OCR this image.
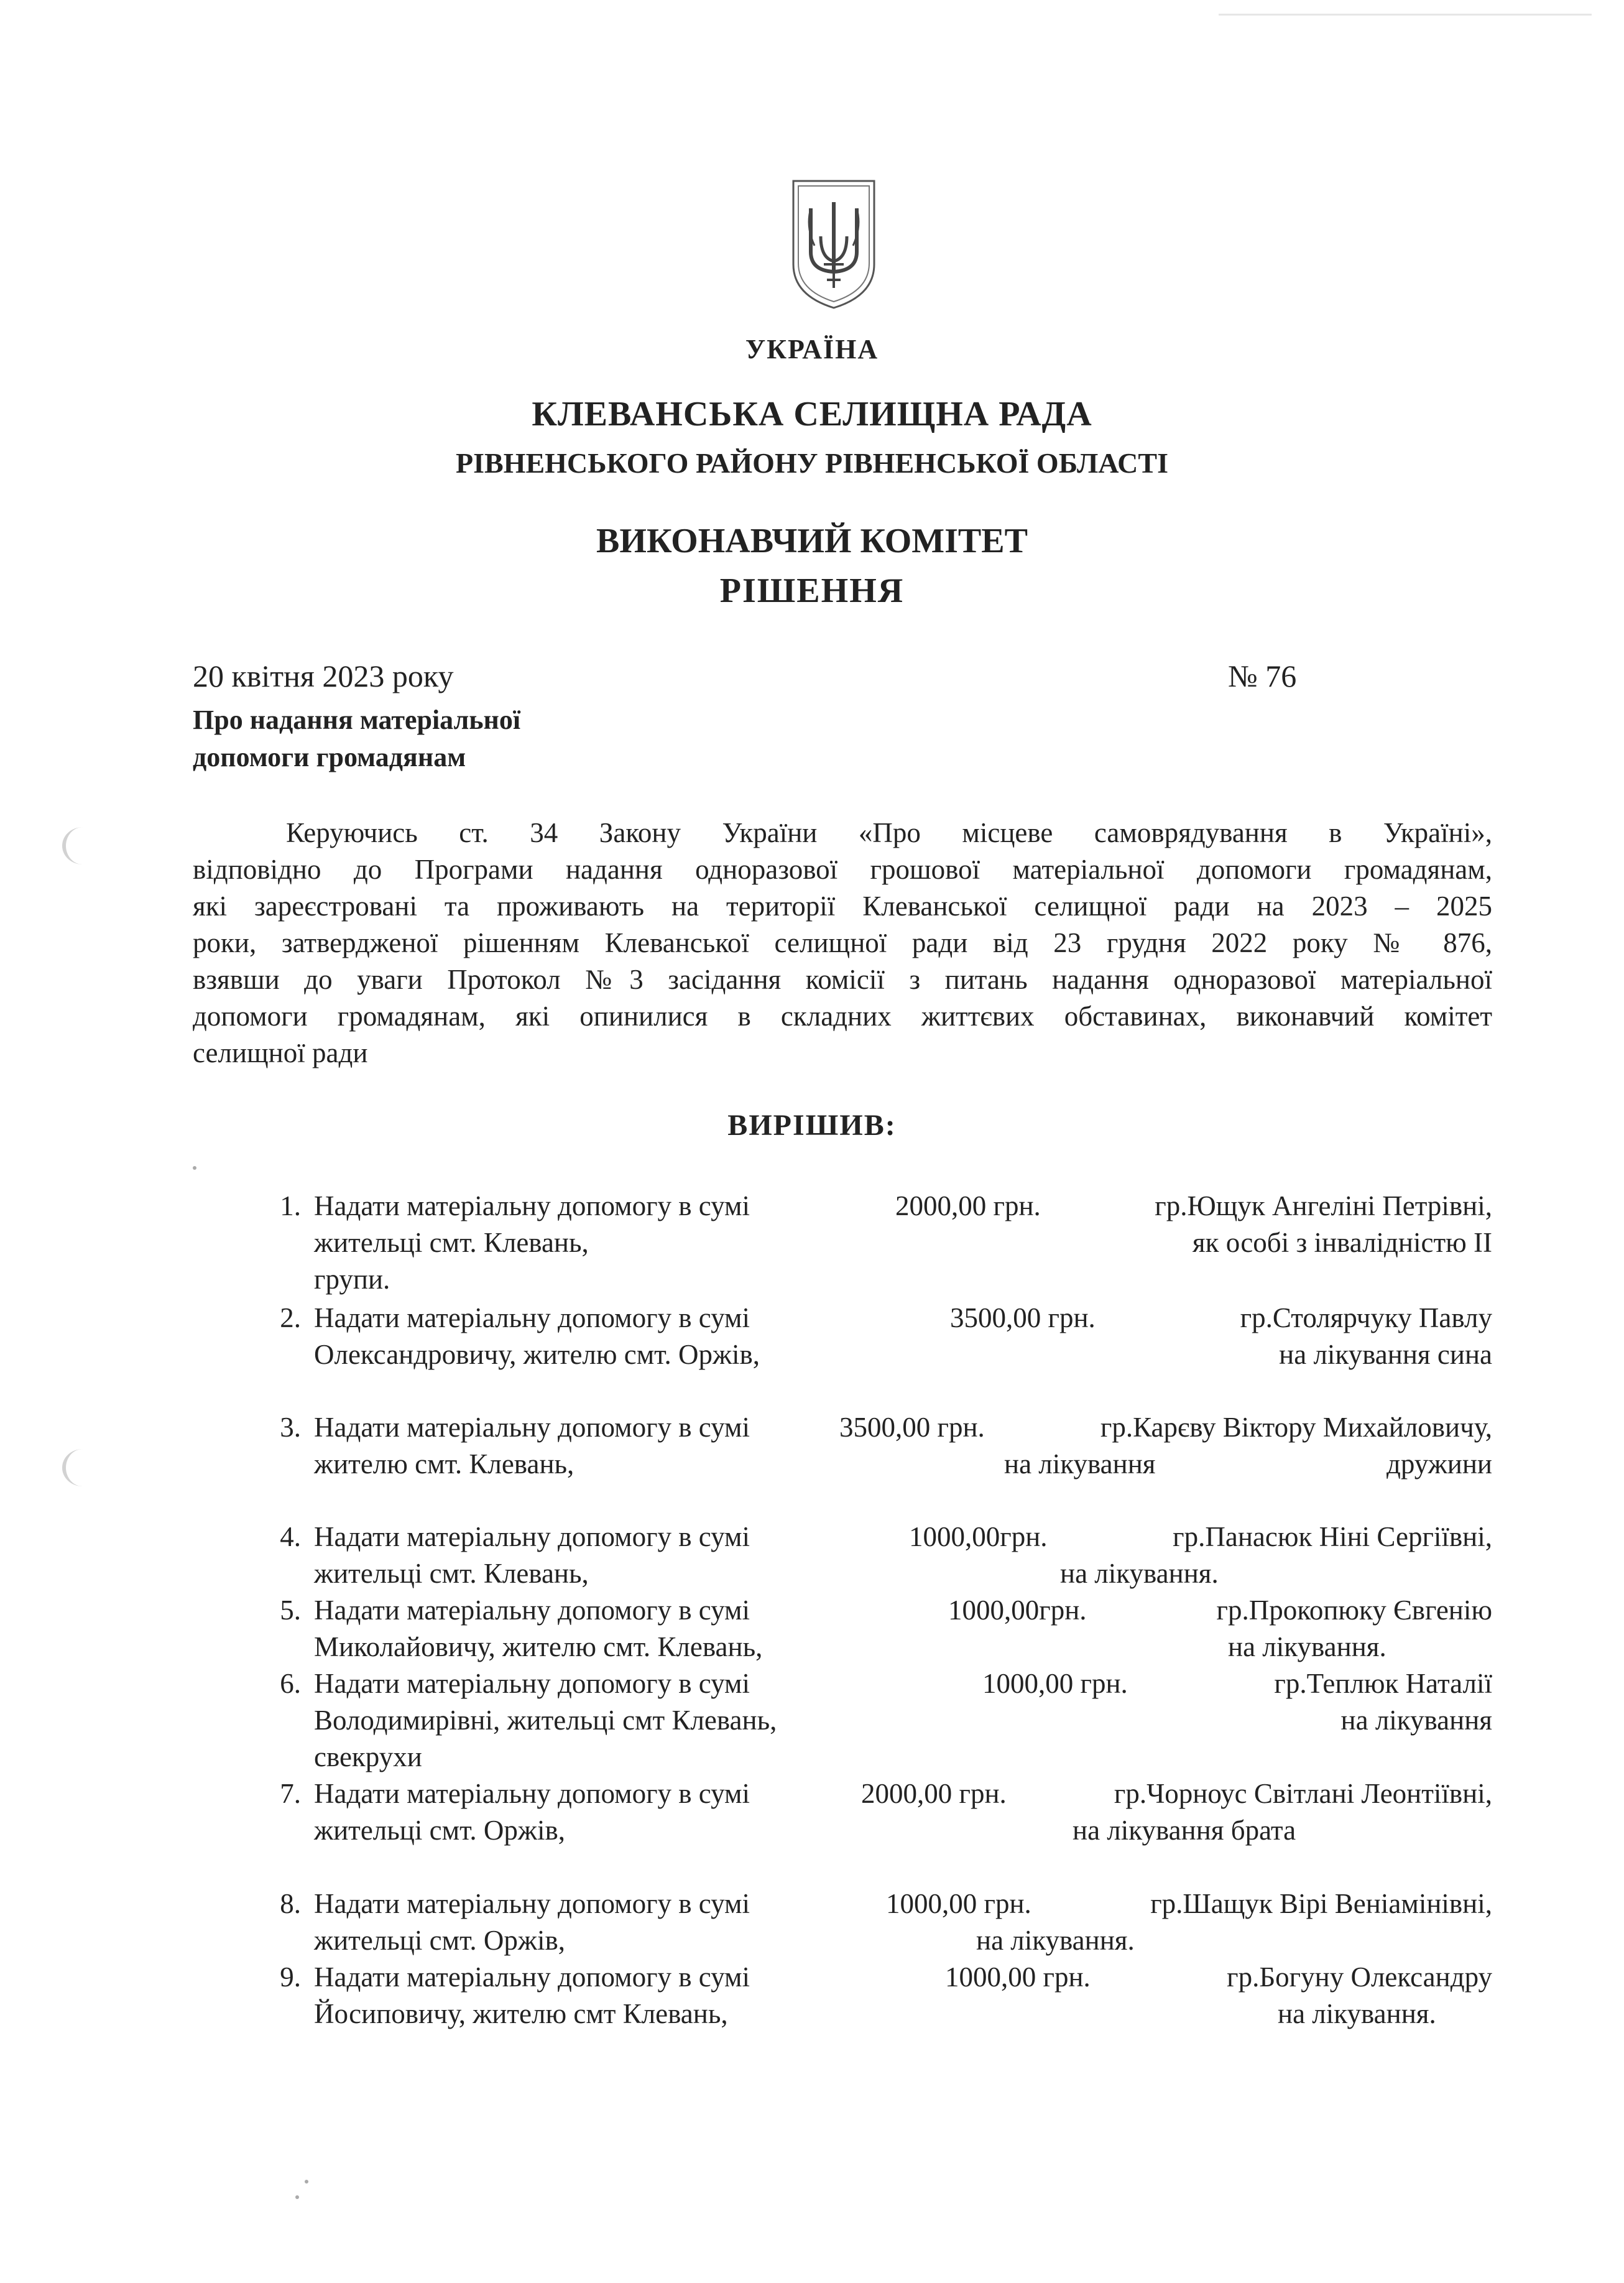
УКРАЇНА
КЛЕВАНСЬКА СЕЛИЩНА РАДА
РІВНЕНСЬКОГО РАЙОНУ РІВНЕНСЬКОЇ ОБЛАСТІ
ВИКОНАВЧИЙ КОМІТЕТ
РІШЕННЯ
20 квітня 2023 року	№ 76
Про надання матеріальної
допомоги громадянам
Керуючись ст. 34 Закону України «Про місцеве самоврядування в Україні»,
відповідно до Програми надання одноразової грошової матеріальної допомоги громадянам,
які зареєстровані та проживають на території Клеванської селищної ради на 2023 – 2025
роки, затвердженої рішенням Клеванської селищної ради від 23 грудня 2022 року № 876,
взявши до уваги Протокол №3 засідання комісії з питань надання одноразової матеріальної
допомоги громадянам, які опинилися в складних життєвих обставинах, виконавчий комітет
селищної ради
ВИРІШИВ:
1. Надати матеріальну допомогу в сумі	2000,00 грн.	гр.Ющук Ангеліні Петрівні,
жительці смт. Клевань,	як особі з інвалідністю ІІ
групи.
2. Надати матеріальну допомогу в сумі	3500,00 грн.	гр.Столярчуку Павлу
Олександровичу, жителю смт. Оржів,	на лікування сина
3. Надати матеріальну допомогу в сумі	3500,00 грн.	гр.Карєву Віктору Михайловичу,
жителю смт. Клевань,	на лікування	дружини
4. Надати матеріальну допомогу в сумі	1000,00грн.	гр.Панасюк Ніні Сергіївні,
жительці смт. Клевань,	на лікування.
5. Надати матеріальну допомогу в сумі	1000,00грн.	гр.Прокопюку Євгенію
Миколайовичу, жителю смт. Клевань,	на лікування.
6. Надати матеріальну допомогу в сумі	1000,00 грн.	гр.Теплюк Наталії
Володимирівні, жительці смт Клевань,	на лікування
свекрухи
7. Надати матеріальну допомогу в сумі	2000,00 грн.	гр.Чорноус Світлані Леонтіївні,
жительці смт. Оржів,	на лікування брата
8. Надати матеріальну допомогу в сумі	1000,00 грн.	гр.Шащук Вірі Веніамінівні,
жительці смт. Оржів,	на лікування.
9. Надати матеріальну допомогу в сумі	1000,00 грн.	гр.Богуну Олександру
Йосиповичу, жителю смт Клевань,	на лікування.
